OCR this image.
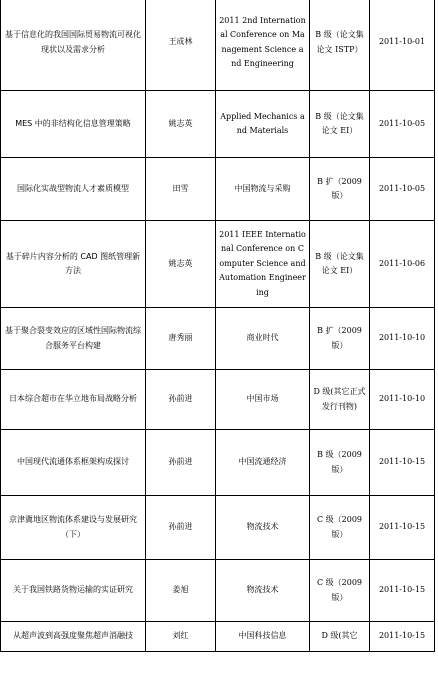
基于信息化的我国国际贸易物流可视化现状以及需求分析	王成林	2011 2nd International Conference on Management Science and Engineering	B 级（论文集论文 ISTP）	2011-10-01
MES 中的非结构化信息管理策略	姚志英	Applied Mechanics and Materials	B 级（论文集论文 EI）	2011-10-05
国际化实战型物流人才素质模型	田雪	中国物流与采购	B 扩（2009 版）	2011-10-05
基于碎片内容分析的 CAD 图纸管理新方法	姚志英	2011 IEEE International Conference on Computer Science and Automation Engineering	B 级（论文集论文 EI）	2011-10-06
基于聚合裂变效应的区域性国际物流综合服务平台构建	唐秀丽	商业时代	B 扩（2009 版）	2011-10-10
日本综合超市在华立地布局战略分析	孙前进	中国市场	D 级(其它正式发行刊物)	2011-10-10
中国现代流通体系框架构成探讨	孙前进	中国流通经济	B 级（2009 版）	2011-10-15
京津冀地区物流体系建设与发展研究（下）	孙前进	物流技术	C 级（2009 版）	2011-10-15
关于我国铁路货物运输的实证研究	姜旭	物流技术	C 级（2009 版）	2011-10-15
从超声波到高强度聚焦超声消融技	刘红	中国科技信息	D 级(其它	2011-10-15
